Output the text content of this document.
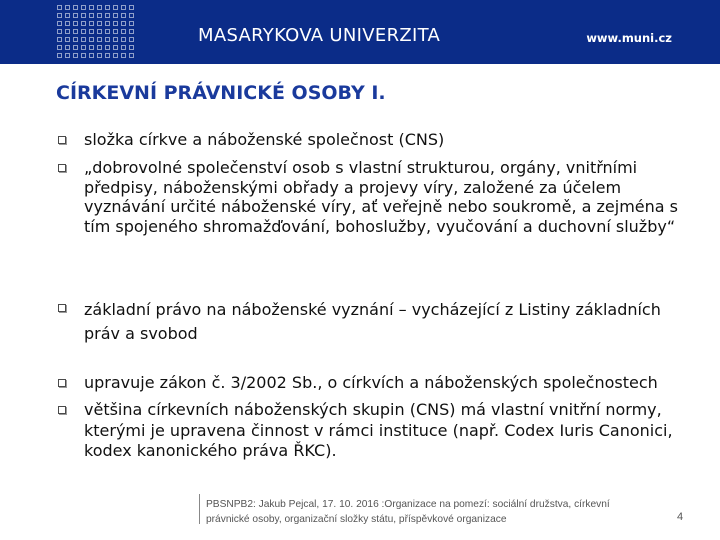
MASARYKOVA UNIVERZITA	www.muni.cz
CÍRKEVNÍ PRÁVNICKÉ OSOBY I.
složka církve a náboženské společnost (CNS)
„dobrovolné společenství osob s vlastní strukturou, orgány, vnitřními předpisy, náboženskými obřady a projevy víry, založené za účelem vyznávání určité náboženské víry, ať veřejně nebo soukromě, a zejména s tím spojeného shromažďování, bohoslužby, vyučování a duchovní služby“
základní právo na náboženské vyznání – vycházející z Listiny základních práv a svobod
upravuje zákon č. 3/2002 Sb., o církvích a náboženských společnostech
většina církevních náboženských skupin (CNS) má vlastní vnitřní normy, kterými je upravena činnost v rámci instituce (např. Codex Iuris Canonici, kodex kanonického práva ŘKC).
PBSNPB2: Jakub Pejcal, 17. 10. 2016 :Organizace na pomezí: sociální družstva, církevní
právnické osoby, organizační složky státu, příspěvkové organizace	4
